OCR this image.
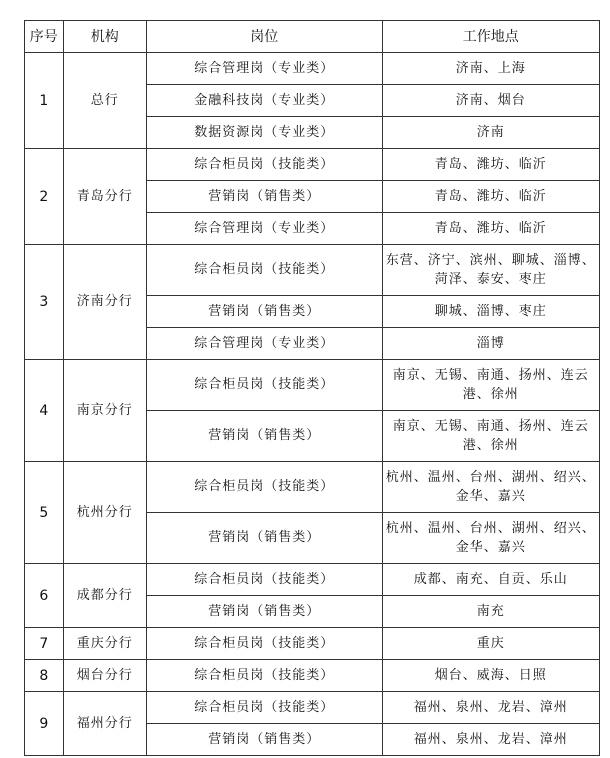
序号	机构	岗位	工作地点
1	总行	综合管理岗（专业类）	济南、上海
		金融科技岗（专业类）	济南、烟台
		数据资源岗（专业类）	济南
2	青岛分行	综合柜员岗（技能类）	青岛、潍坊、临沂
		营销岗（销售类）	青岛、潍坊、临沂
		综合管理岗（专业类）	青岛、潍坊、临沂
3	济南分行	综合柜员岗（技能类）	东营、济宁、滨州、聊城、淄博、菏泽、泰安、枣庄
		营销岗（销售类）	聊城、淄博、枣庄
		综合管理岗（专业类）	淄博
4	南京分行	综合柜员岗（技能类）	南京、无锡、南通、扬州、连云港、徐州
		营销岗（销售类）	南京、无锡、南通、扬州、连云港、徐州
5	杭州分行	综合柜员岗（技能类）	杭州、温州、台州、湖州、绍兴、金华、嘉兴
		营销岗（销售类）	杭州、温州、台州、湖州、绍兴、金华、嘉兴
6	成都分行	综合柜员岗（技能类）	成都、南充、自贡、乐山
		营销岗（销售类）	南充
7	重庆分行	综合柜员岗（技能类）	重庆
8	烟台分行	综合柜员岗（技能类）	烟台、威海、日照
9	福州分行	综合柜员岗（技能类）	福州、泉州、龙岩、漳州
		营销岗（销售类）	福州、泉州、龙岩、漳州
